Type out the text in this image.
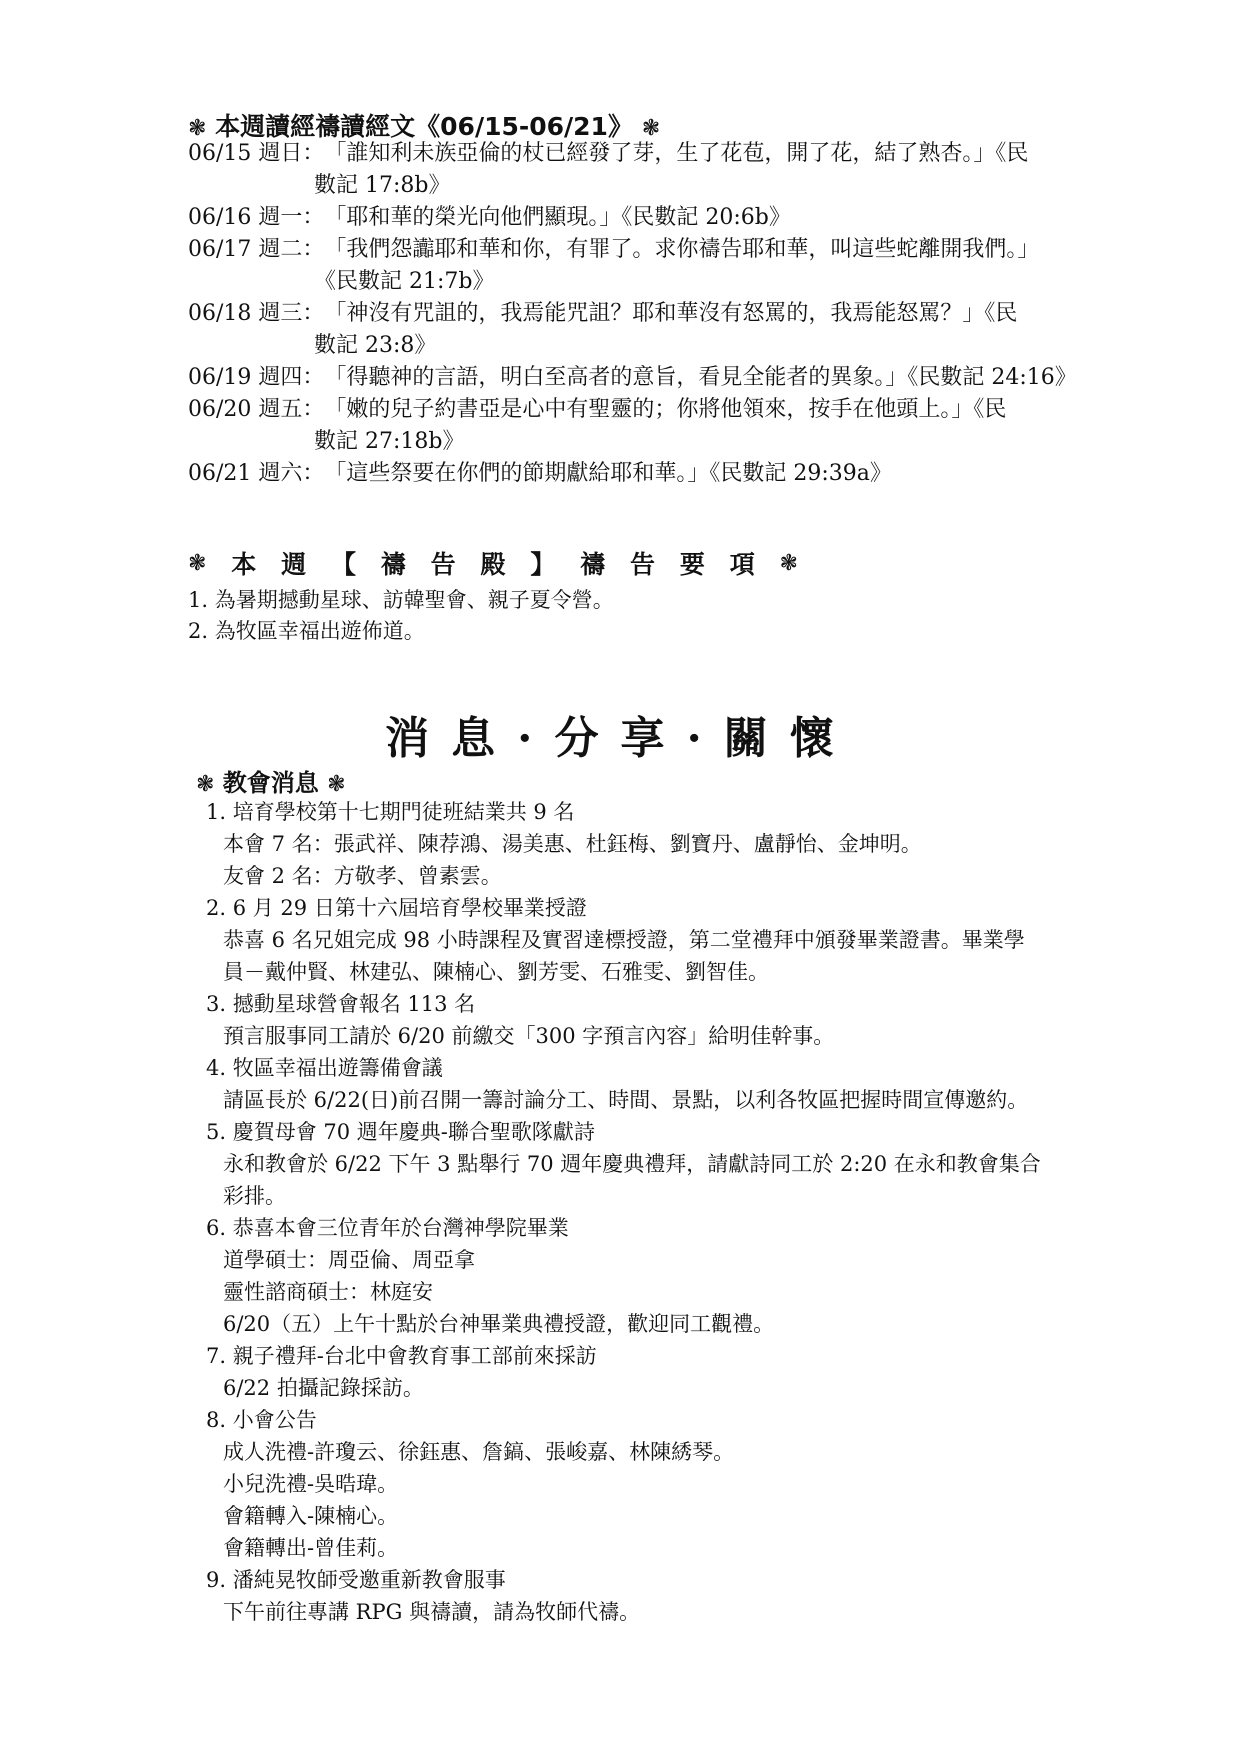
❃ 本週讀經禱讀經文《06/15-06/21》 ❃
06/15 週日：「誰知利未族亞倫的杖已經發了芽，生了花苞，開了花，結了熟杏。」《民
數記 17:8b》
06/16 週一：「耶和華的榮光向他們顯現。」《民數記 20:6b》
06/17 週二：「我們怨讟耶和華和你，有罪了。求你禱告耶和華，叫這些蛇離開我們。」
《民數記 21:7b》
06/18 週三：「神沒有咒詛的，我焉能咒詛？耶和華沒有怒罵的，我焉能怒罵？」《民
數記 23:8》
06/19 週四：「得聽神的言語，明白至高者的意旨，看見全能者的異象。」《民數記 24:16》
06/20 週五：「嫩的兒子約書亞是心中有聖靈的；你將他領來，按手在他頭上。」《民
數記 27:18b》
06/21 週六：「這些祭要在你們的節期獻給耶和華。」《民數記 29:39a》
❃ 本 週 【 禱 告 殿 】 禱 告 要 項 ❃
1. 為暑期撼動星球、訪韓聖會、親子夏令營。
2. 為牧區幸福出遊佈道。
消息·分享·關懷
❃ 教會消息 ❃
1. 培育學校第十七期門徒班結業共 9 名
本會 7 名：張武祥、陳荐鴻、湯美惠、杜鈺梅、劉寶丹、盧靜怡、金坤明。
友會 2 名：方敬孝、曾素雲。
2. 6 月 29 日第十六屆培育學校畢業授證
恭喜 6 名兄姐完成 98 小時課程及實習達標授證，第二堂禮拜中頒發畢業證書。畢業學
員－戴仲賢、林建弘、陳楠心、劉芳雯、石雅雯、劉智佳。
3. 撼動星球營會報名 113 名
預言服事同工請於 6/20 前繳交「300 字預言內容」給明佳幹事。
4. 牧區幸福出遊籌備會議
請區長於 6/22(日)前召開一籌討論分工、時間、景點，以利各牧區把握時間宣傳邀約。
5. 慶賀母會 70 週年慶典-聯合聖歌隊獻詩
永和教會於 6/22 下午 3 點舉行 70 週年慶典禮拜，請獻詩同工於 2:20 在永和教會集合
彩排。
6. 恭喜本會三位青年於台灣神學院畢業
道學碩士：周亞倫、周亞拿
靈性諮商碩士：林庭安
6/20（五）上午十點於台神畢業典禮授證，歡迎同工觀禮。
7. 親子禮拜-台北中會教育事工部前來採訪
6/22 拍攝記錄採訪。
8. 小會公告
成人洗禮-許瓊云、徐鈺惠、詹鎬、張峻嘉、林陳綉琴。
小兒洗禮-吳晧瑋。
會籍轉入-陳楠心。
會籍轉出-曾佳莉。
9. 潘純晃牧師受邀重新教會服事
下午前往專講 RPG 與禱讀，請為牧師代禱。
